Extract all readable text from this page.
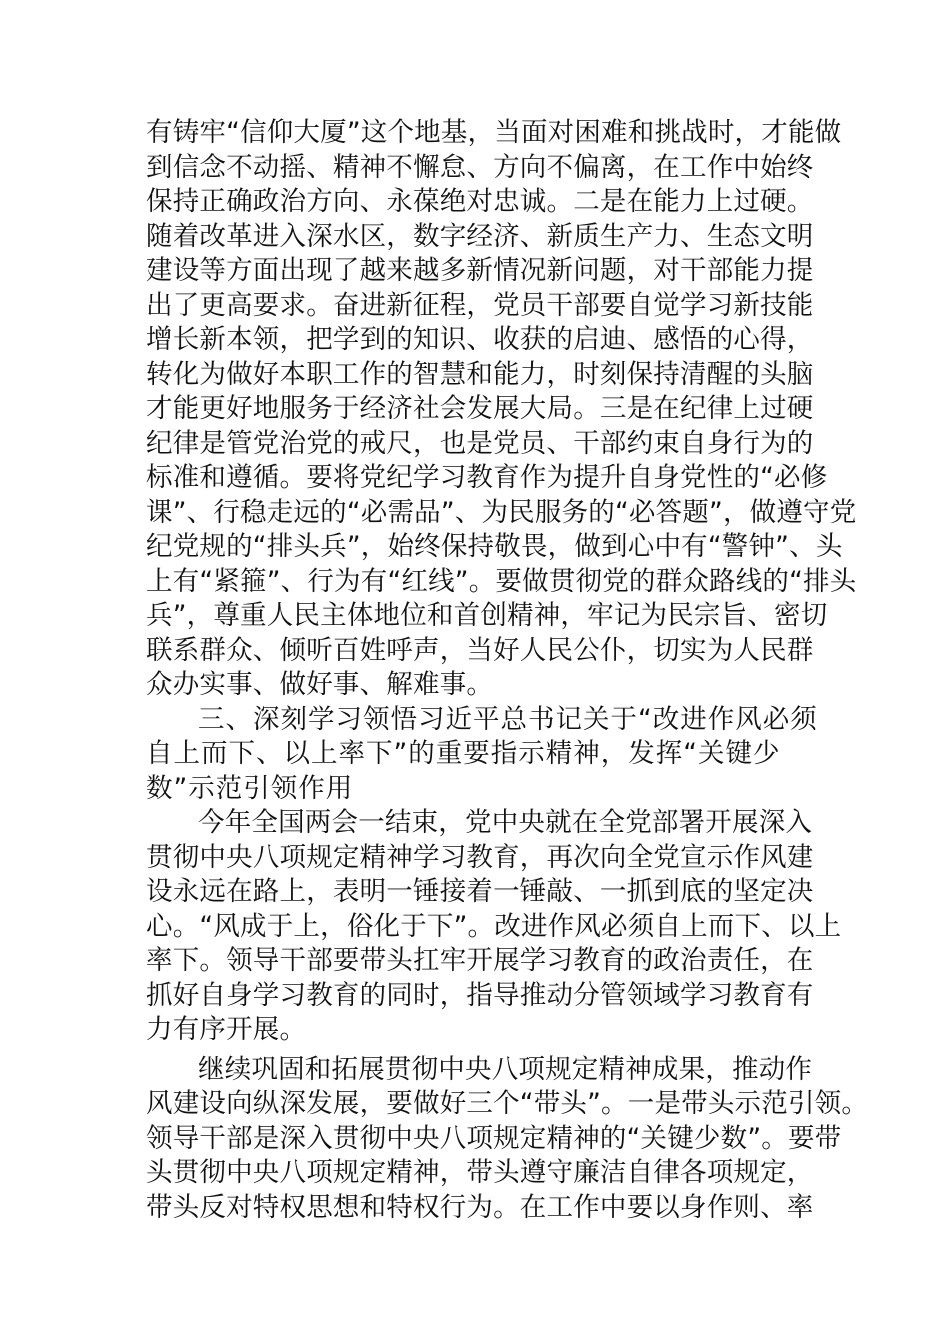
有铸牢“信仰大厦”这个地基，当面对困难和挑战时，才能做
到信念不动摇、精神不懈怠、方向不偏离，在工作中始终
保持正确政治方向、永葆绝对忠诚。二是在能力上过硬。
随着改革进入深水区，数字经济、新质生产力、生态文明
建设等方面出现了越来越多新情况新问题，对干部能力提
出了更高要求。奋进新征程，党员干部要自觉学习新技能
增长新本领，把学到的知识、收获的启迪、感悟的心得，
转化为做好本职工作的智慧和能力，时刻保持清醒的头脑
才能更好地服务于经济社会发展大局。三是在纪律上过硬
纪律是管党治党的戒尺，也是党员、干部约束自身行为的
标准和遵循。要将党纪学习教育作为提升自身党性的“必修
课”、行稳走远的“必需品”、为民服务的“必答题”，做遵守党
纪党规的“排头兵”，始终保持敬畏，做到心中有“警钟”、头
上有“紧箍”、行为有“红线”。要做贯彻党的群众路线的“排头
兵”，尊重人民主体地位和首创精神，牢记为民宗旨、密切
联系群众、倾听百姓呼声，当好人民公仆，切实为人民群
众办实事、做好事、解难事。
三、深刻学习领悟习近平总书记关于“改进作风必须
自上而下、以上率下”的重要指示精神，发挥“关键少
数”示范引领作用
今年全国两会一结束，党中央就在全党部署开展深入
贯彻中央八项规定精神学习教育，再次向全党宣示作风建
设永远在路上，表明一锤接着一锤敲、一抓到底的坚定决
心。“风成于上，俗化于下”。改进作风必须自上而下、以上
率下。领导干部要带头扛牢开展学习教育的政治责任，在
抓好自身学习教育的同时，指导推动分管领域学习教育有
力有序开展。
继续巩固和拓展贯彻中央八项规定精神成果，推动作
风建设向纵深发展，要做好三个“带头”。一是带头示范引领。
领导干部是深入贯彻中央八项规定精神的“关键少数”。要带
头贯彻中央八项规定精神，带头遵守廉洁自律各项规定，
带头反对特权思想和特权行为。在工作中要以身作则、率
